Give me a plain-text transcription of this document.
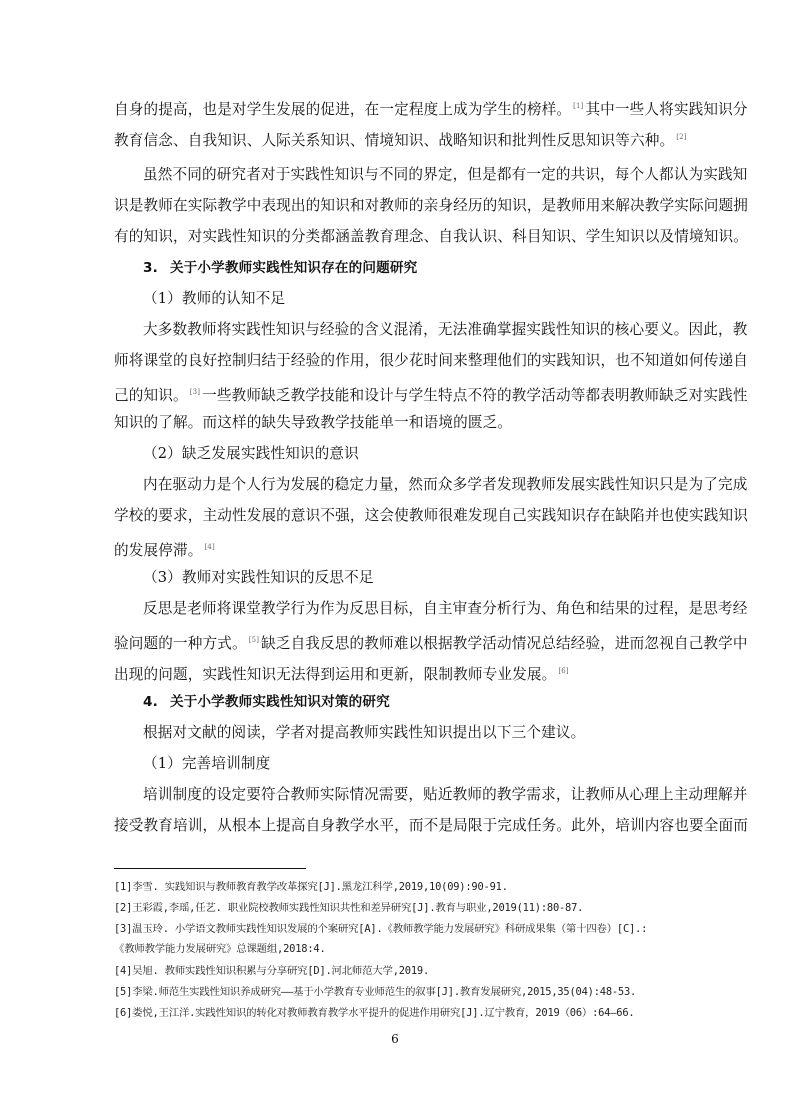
自身的提高，也是对学生发展的促进，在一定程度上成为学生的榜样。 [1] 其中一些人将实践知识分
教育信念、自我知识、人际关系知识、情境知识、战略知识和批判性反思知识等六种。 [2]
虽然不同的研究者对于实践性知识与不同的界定，但是都有一定的共识，每个人都认为实践知
识是教师在实际教学中表现出的知识和对教师的亲身经历的知识，是教师用来解决教学实际问题拥
有的知识，对实践性知识的分类都涵盖教育理念、自我认识、科目知识、学生知识以及情境知识。
3. 关于小学教师实践性知识存在的问题研究
（1）教师的认知不足
大多数教师将实践性知识与经验的含义混淆，无法准确掌握实践性知识的核心要义。因此，教
师将课堂的良好控制归结于经验的作用，很少花时间来整理他们的实践知识，也不知道如何传递自
己的知识。 [3] 一些教师缺乏教学技能和设计与学生特点不符的教学活动等都表明教师缺乏对实践性
知识的了解。而这样的缺失导致教学技能单一和语境的匮乏。
（2）缺乏发展实践性知识的意识
内在驱动力是个人行为发展的稳定力量，然而众多学者发现教师发展实践性知识只是为了完成
学校的要求，主动性发展的意识不强，这会使教师很难发现自己实践知识存在缺陷并也使实践知识
的发展停滞。 [4]
（3）教师对实践性知识的反思不足
反思是老师将课堂教学行为作为反思目标，自主审查分析行为、角色和结果的过程，是思考经
验问题的一种方式。 [5] 缺乏自我反思的教师难以根据教学活动情况总结经验，进而忽视自己教学中
出现的问题，实践性知识无法得到运用和更新，限制教师专业发展。 [6]
4. 关于小学教师实践性知识对策的研究
根据对文献的阅读，学者对提高教师实践性知识提出以下三个建议。
（1）完善培训制度
培训制度的设定要符合教师实际情况需要，贴近教师的教学需求，让教师从心理上主动理解并
接受教育培训，从根本上提高自身教学水平，而不是局限于完成任务。此外，培训内容也要全面而
[1]李雪. 实践知识与教师教育教学改革探究[J].黑龙江科学,2019,10(09):90-91.
[2]王彩霞,李瑶,任艺. 职业院校教师实践性知识共性和差异研究[J].教育与职业,2019(11):80-87.
[3]温玉玲. 小学语文教师实践性知识发展的个案研究[A].《教师教学能力发展研究》科研成果集（第十四卷）[C].:
《教师教学能力发展研究》总课题组,2018:4.
[4]吴旭. 教师实践性知识积累与分享研究[D].河北师范大学,2019.
[5]李梁.师范生实践性知识养成研究——基于小学教育专业师范生的叙事[J].教育发展研究,2015,35(04):48-53.
[6]娄悦,王江洋.实践性知识的转化对教师教育教学水平提升的促进作用研究[J].辽宁教育，2019（06）:64—66.
6
